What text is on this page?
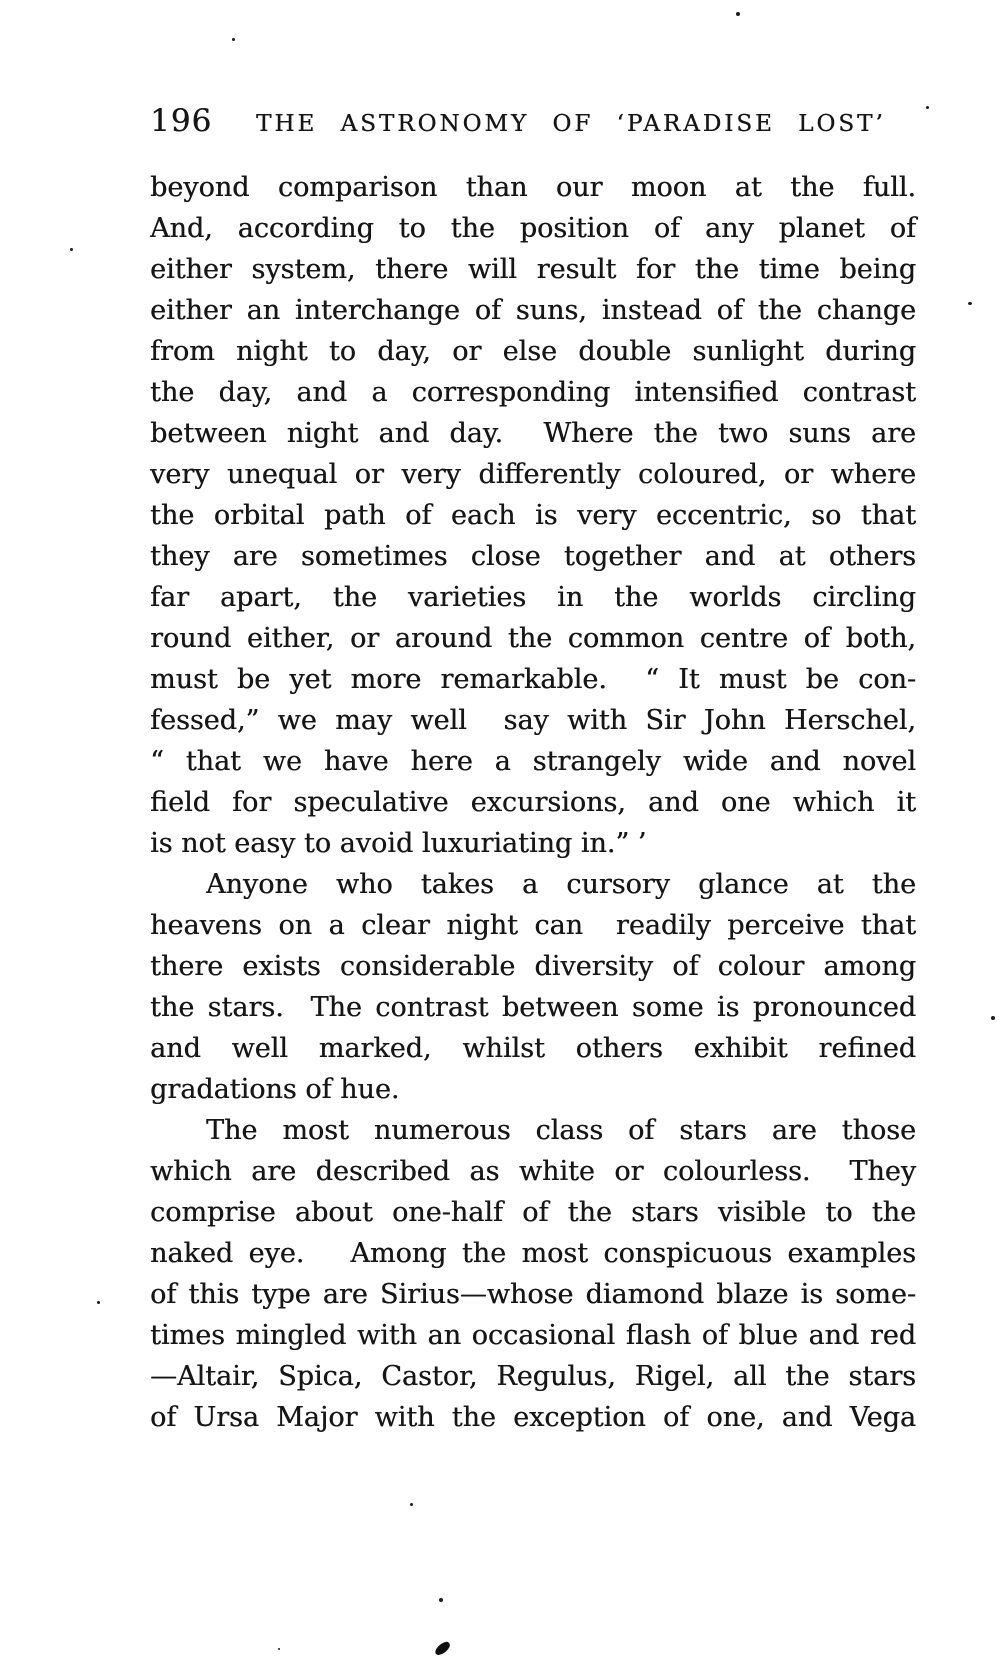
196 THE ASTRONOMY OF ‘PARADISE LOST’
beyond comparison than our moon at the full.
And, according to the position of any planet of
either system, there will result for the time being
either an interchange of suns, instead of the change
from night to day, or else double sunlight during
the day, and a corresponding intensified contrast
between night and day.  Where the two suns are
very unequal or very differently coloured, or where
the orbital path of each is very eccentric, so that
they are sometimes close together and at others
far apart, the varieties in the worlds circling
round either, or around the common centre of both,
must be yet more remarkable.  “ It must be con-
fessed,” we may well  say with Sir John Herschel,
“ that we have here a strangely wide and novel
field for speculative excursions, and one which it
is not easy to avoid luxuriating in.” ’
Anyone who takes a cursory glance at the
heavens on a clear night can  readily perceive that
there exists considerable diversity of colour among
the stars.  The contrast between some is pronounced
and well marked, whilst others exhibit refined
gradations of hue.
The most numerous class of stars are those
which are described as white or colourless.  They
comprise about one-half of the stars visible to the
naked eye.   Among the most conspicuous examples
of this type are Sirius—whose diamond blaze is some-
times mingled with an occasional flash of blue and red
—Altair, Spica, Castor, Regulus, Rigel, all the stars
of Ursa Major with the exception of one, and Vega
